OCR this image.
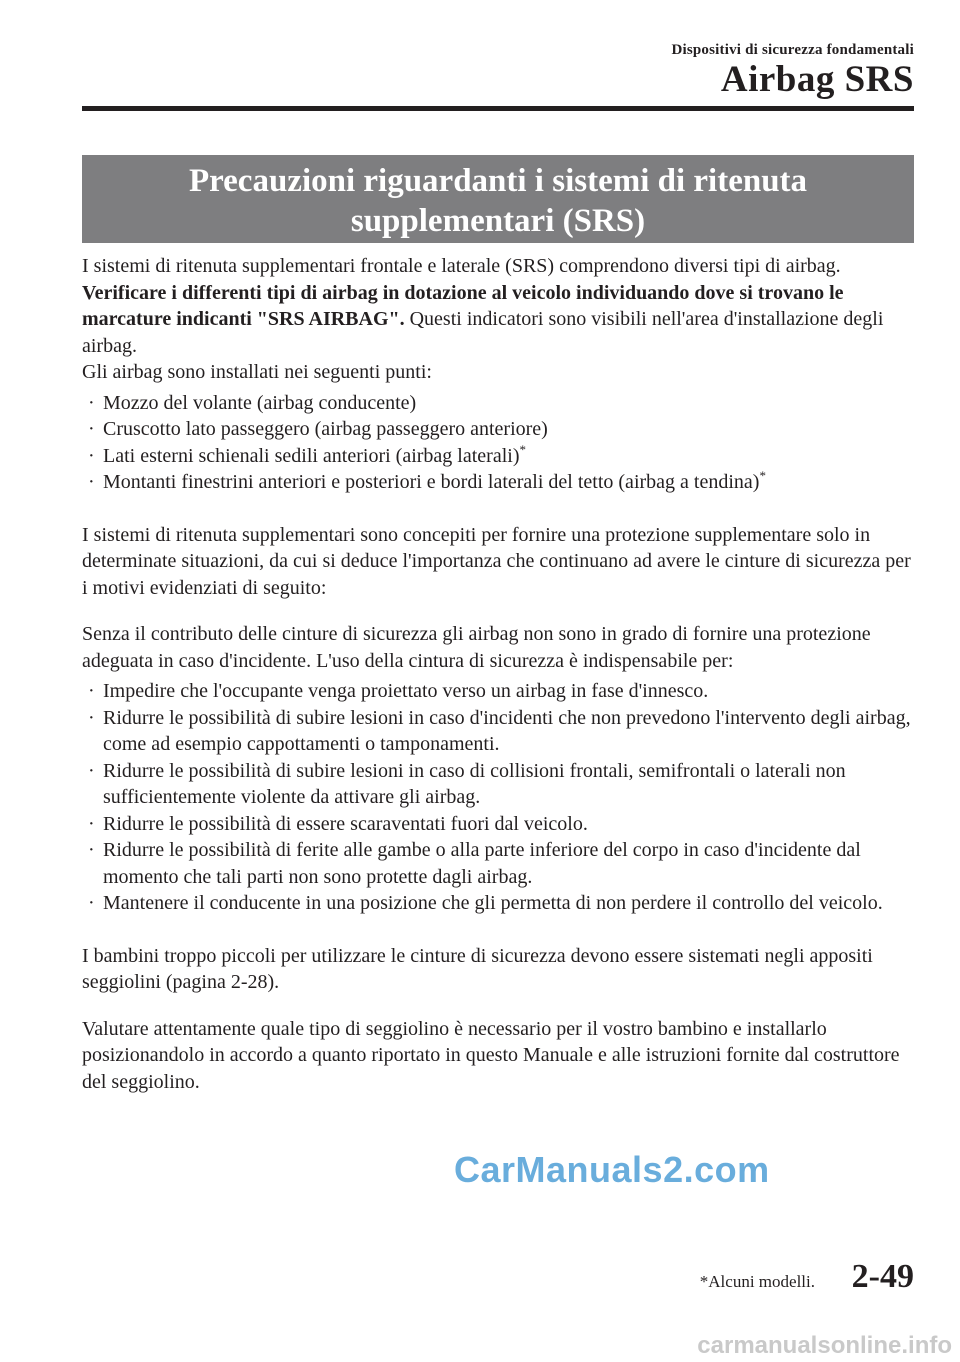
Dispositivi di sicurezza fondamentali
Airbag SRS
Precauzioni riguardanti i sistemi di ritenuta
supplementari (SRS)

I sistemi di ritenuta supplementari frontale e laterale (SRS) comprendono diversi tipi di airbag. Verificare i differenti tipi di airbag in dotazione al veicolo individuando dove si trovano le marcature indicanti "SRS AIRBAG". Questi indicatori sono visibili nell'area d'installazione degli airbag.

Gli airbag sono installati nei seguenti punti:

· Mozzo del volante (airbag conducente)
· Cruscotto lato passeggero (airbag passeggero anteriore)
· Lati esterni schienali sedili anteriori (airbag laterali)*
· Montanti finestrini anteriori e posteriori e bordi laterali del tetto (airbag a tendina)*

I sistemi di ritenuta supplementari sono concepiti per fornire una protezione supplementare solo in determinate situazioni, da cui si deduce l'importanza che continuano ad avere le cinture di sicurezza per i motivi evidenziati di seguito:

Senza il contributo delle cinture di sicurezza gli airbag non sono in grado di fornire una protezione adeguata in caso d'incidente. L'uso della cintura di sicurezza è indispensabile per:

· Impedire che l'occupante venga proiettato verso un airbag in fase d'innesco.
· Ridurre le possibilità di subire lesioni in caso d'incidenti che non prevedono l'intervento degli airbag, come ad esempio cappottamenti o tamponamenti.
· Ridurre le possibilità di subire lesioni in caso di collisioni frontali, semifrontali o laterali non sufficientemente violente da attivare gli airbag.
· Ridurre le possibilità di essere scaraventati fuori dal veicolo.
· Ridurre le possibilità di ferite alle gambe o alla parte inferiore del corpo in caso d'incidente dal momento che tali parti non sono protette dagli airbag.
· Mantenere il conducente in una posizione che gli permetta di non perdere il controllo del veicolo.

I bambini troppo piccoli per utilizzare le cinture di sicurezza devono essere sistemati negli appositi seggiolini (pagina 2-28).

Valutare attentamente quale tipo di seggiolino è necessario per il vostro bambino e installarlo posizionandolo in accordo a quanto riportato in questo Manuale e alle istruzioni fornite dal costruttore del seggiolino.

CarManuals2.com
*Alcuni modelli. 2-49
carmanualsonline.info
